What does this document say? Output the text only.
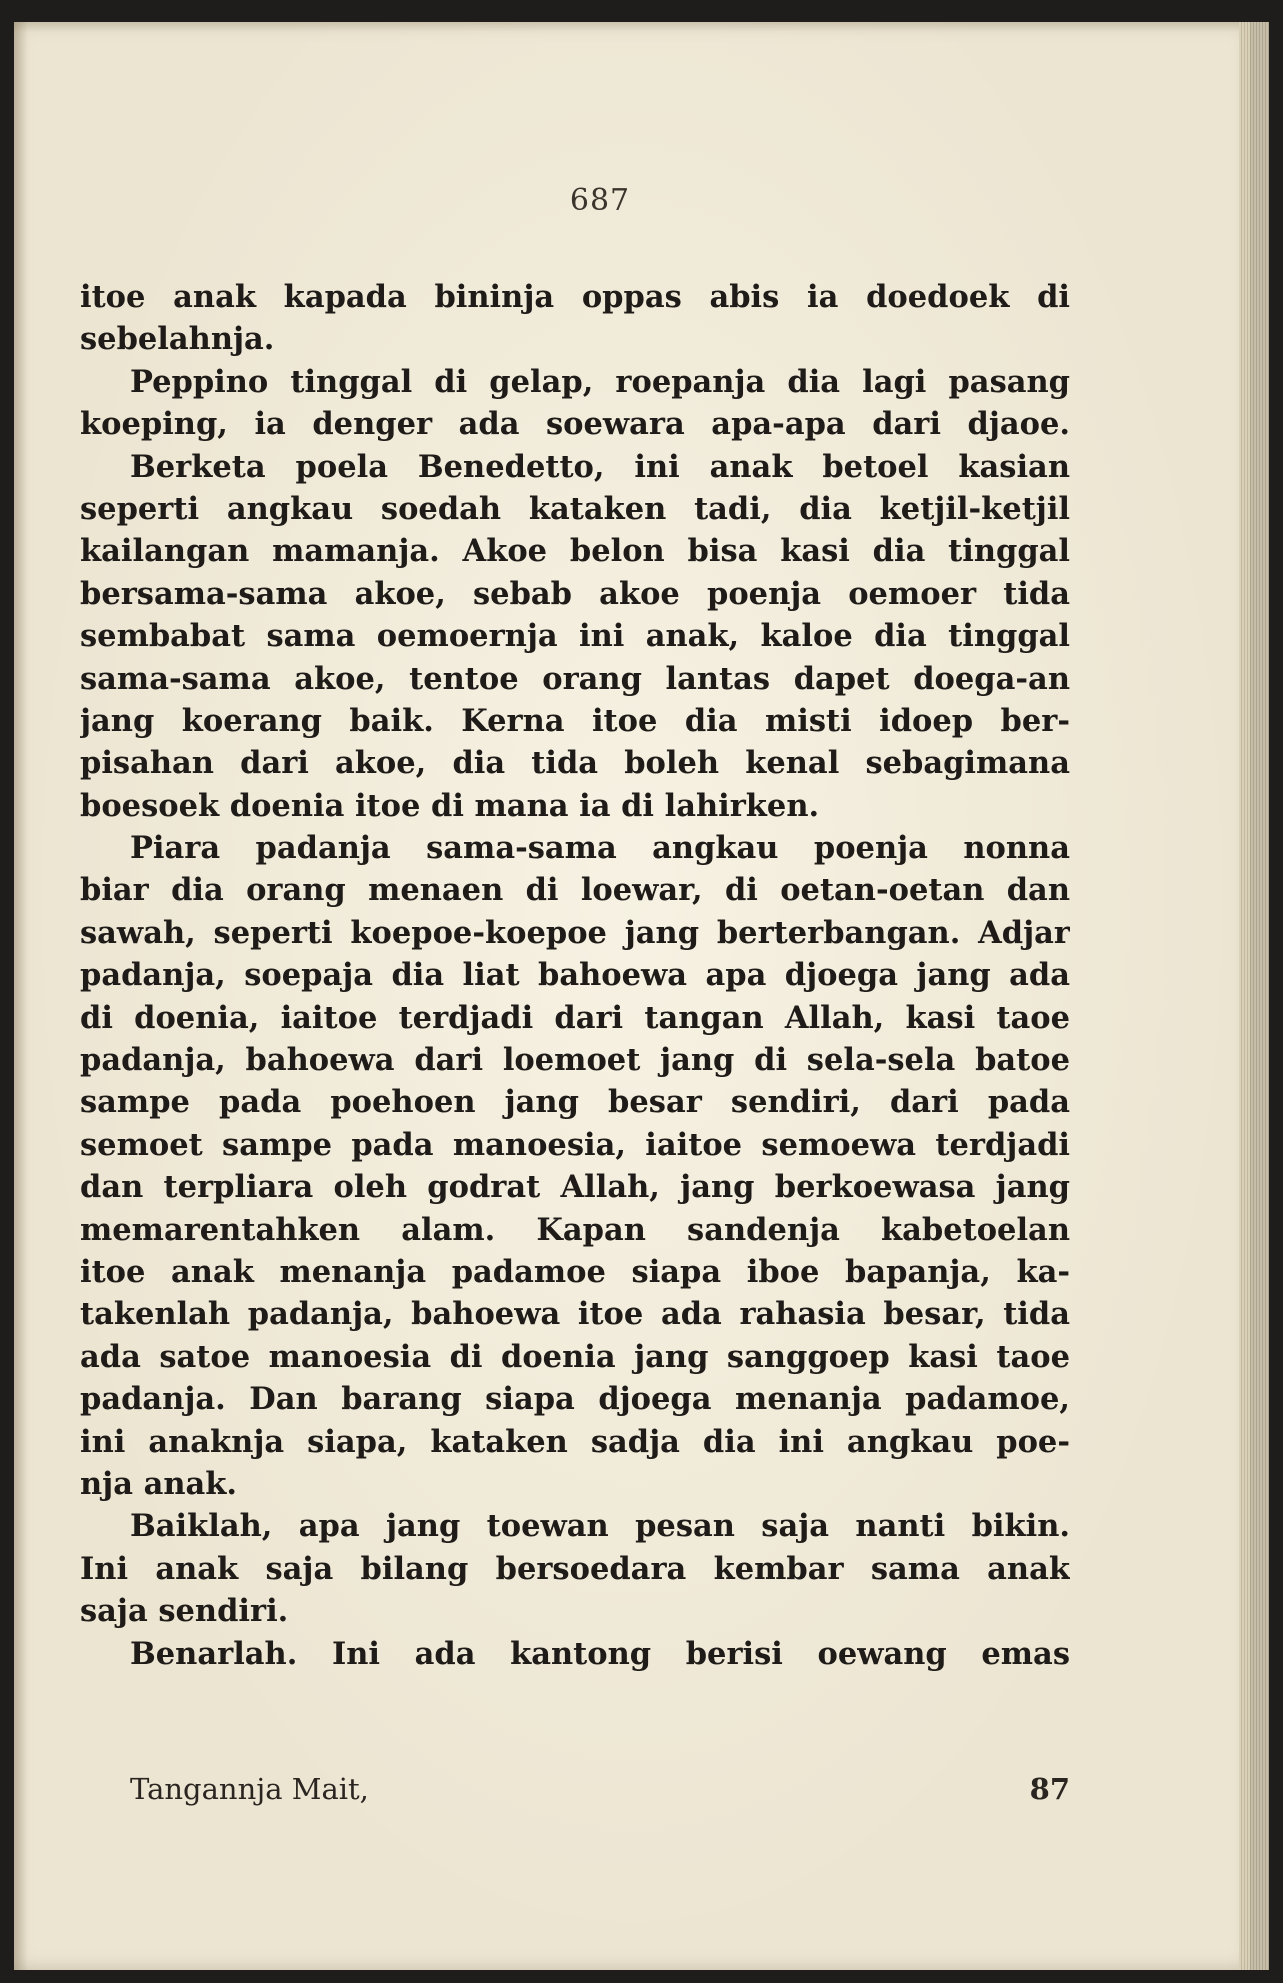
687
itoe anak kapada bininja oppas abis ia doedoek di
sebelahnja.
Peppino tinggal di gelap, roepanja dia lagi pasang
koeping, ia denger ada soewara apa-apa dari djaoe.
Berketa poela Benedetto, ini anak betoel kasian
seperti angkau soedah kataken tadi, dia ketjil-ketjil
kailangan mamanja. Akoe belon bisa kasi dia tinggal
bersama-sama akoe, sebab akoe poenja oemoer tida
sembabat sama oemoernja ini anak, kaloe dia tinggal
sama-sama akoe, tentoe orang lantas dapet doega-an
jang koerang baik. Kerna itoe dia misti idoep ber-
pisahan dari akoe, dia tida boleh kenal sebagimana
boesoek doenia itoe di mana ia di lahirken.
Piara padanja sama-sama angkau poenja nonna
biar dia orang menaen di loewar, di oetan-oetan dan
sawah, seperti koepoe-koepoe jang berterbangan. Adjar
padanja, soepaja dia liat bahoewa apa djoega jang ada
di doenia, iaitoe terdjadi dari tangan Allah, kasi taoe
padanja, bahoewa dari loemoet jang di sela-sela batoe
sampe pada poehoen jang besar sendiri, dari pada
semoet sampe pada manoesia, iaitoe semoewa terdjadi
dan terpliara oleh godrat Allah, jang berkoewasa jang
memarentahken alam. Kapan sandenja kabetoelan
itoe anak menanja padamoe siapa iboe bapanja, ka-
takenlah padanja, bahoewa itoe ada rahasia besar, tida
ada satoe manoesia di doenia jang sanggoep kasi taoe
padanja. Dan barang siapa djoega menanja padamoe,
ini anaknja siapa, kataken sadja dia ini angkau poe-
nja anak.
Baiklah, apa jang toewan pesan saja nanti bikin.
Ini anak saja bilang bersoedara kembar sama anak
saja sendiri.
Benarlah. Ini ada kantong berisi oewang emas
Tangannja Mait,	87
